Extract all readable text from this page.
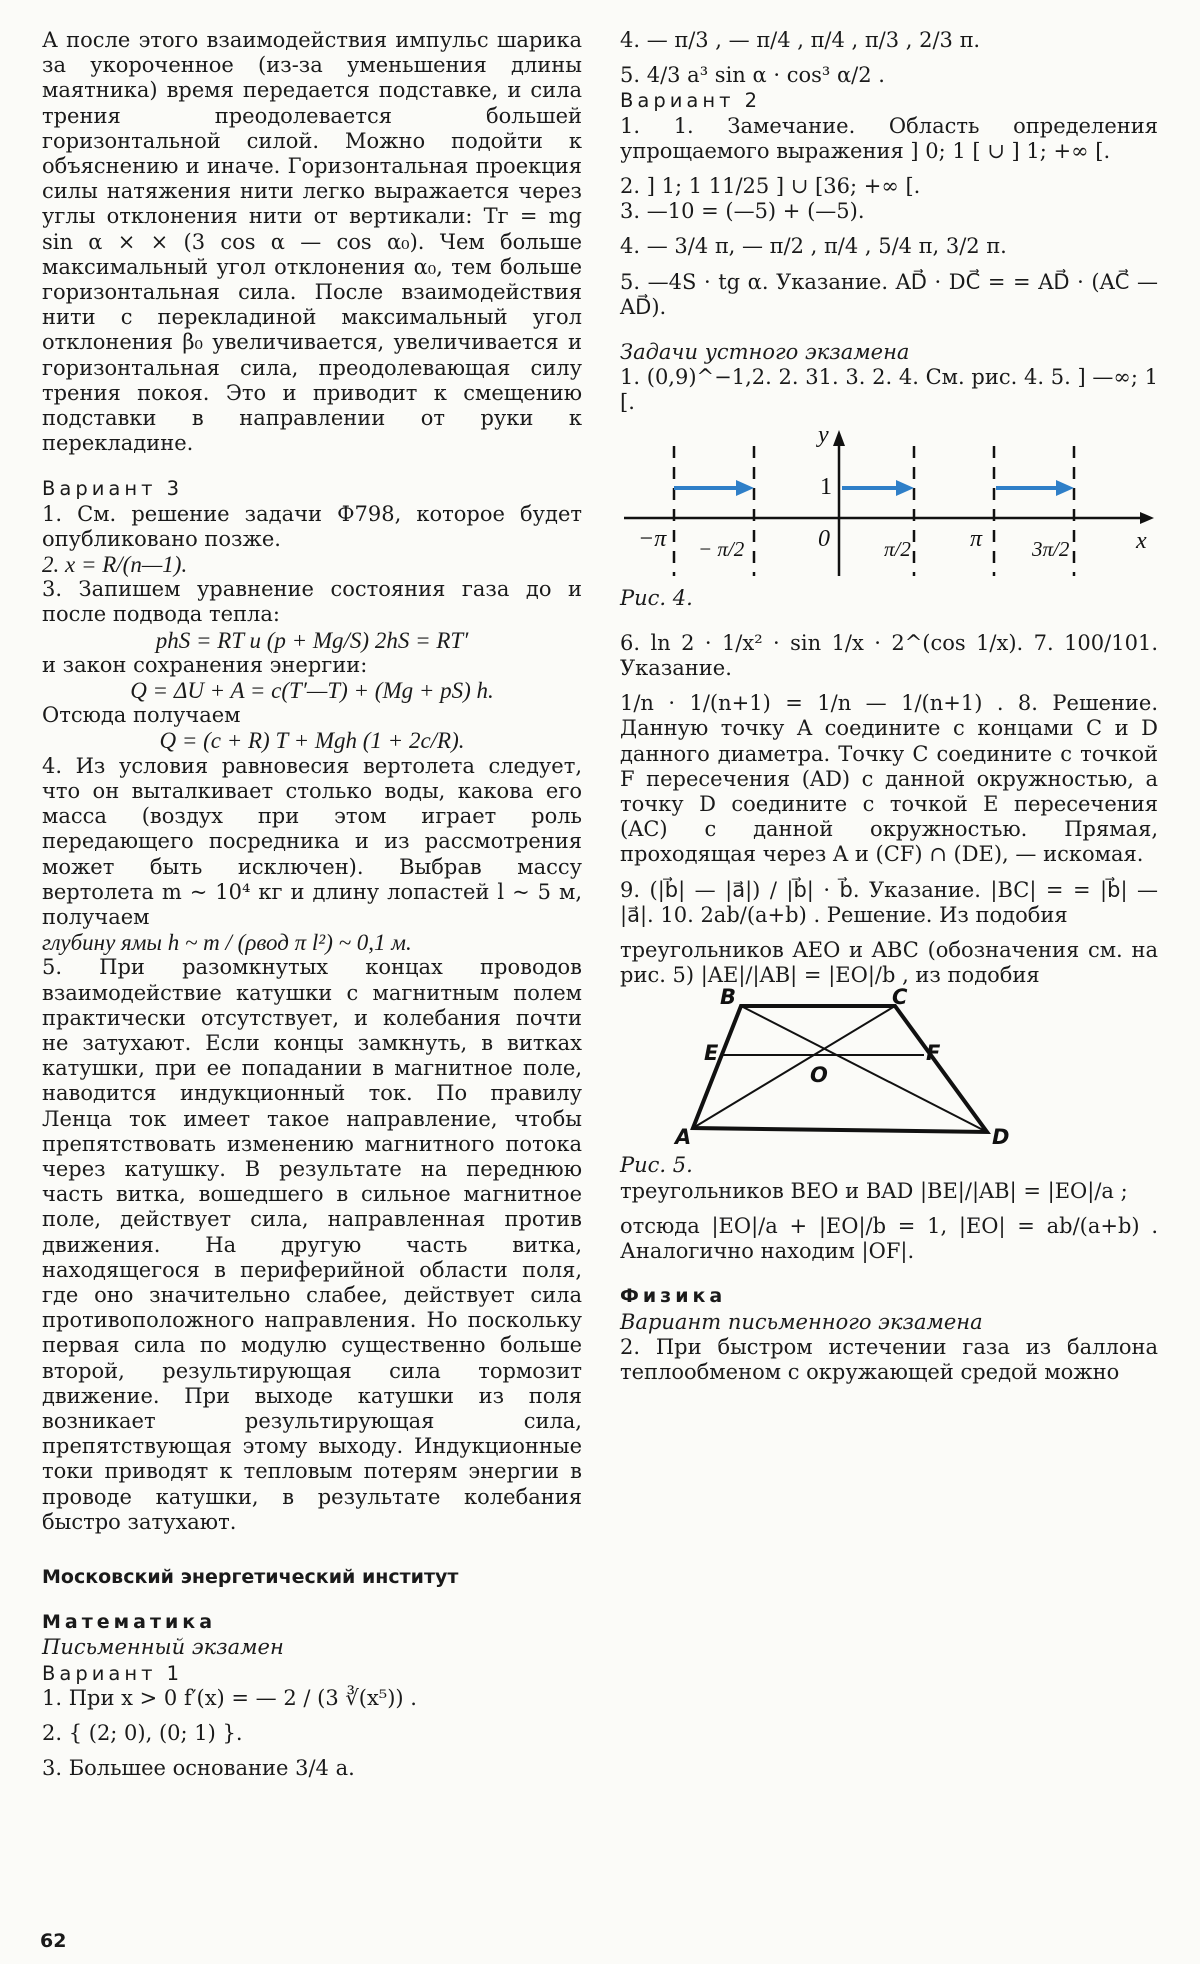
А после этого взаимодействия импульс шарика за укороченное (из-за уменьшения длины маятника) время передается подставке, и сила трения преодолевается большей горизонтальной силой. Можно подойти к объяснению и иначе. Горизонтальная проекция силы натяжения нити легко выражается через углы отклонения нити от вертикали: Tг = mg sin α × × (3 cos α — cos α₀). Чем больше максимальный угол отклонения α₀, тем больше горизонтальная сила. После взаимодействия нити с перекладиной максимальный угол отклонения β₀ увеличивается, увеличивается и горизонтальная сила, преодолевающая силу трения покоя. Это и приводит к смещению подставки в направлении от руки к перекладине.

Вариант 3

1. См. решение задачи Ф798, которое будет опубликовано позже.

2. x = R/(n—1).

3. Запишем уравнение состояния газа до и после подвода тепла:

phS = RT и (p + Mg/S) 2hS = RT′

и закон сохранения энергии:

Q = ΔU + A = c(T′—T) + (Mg + pS) h.

Отсюда получаем

Q = (c + R) T + Mgh (1 + 2c/R).

4. Из условия равновесия вертолета следует, что он выталкивает столько воды, какова его масса (воздух при этом играет роль передающего посредника и из рассмотрения может быть исключен). Выбрав массу вертолета m ~ 10⁴ кг и длину лопастей l ~ 5 м, получаем

глубину ямы h ~ m / (ρвод π l²) ~ 0,1 м.

5. При разомкнутых концах проводов взаимодействие катушки с магнитным полем практически отсутствует, и колебания почти не затухают. Если концы замкнуть, в витках катушки, при ее попадании в магнитное поле, наводится индукционный ток. По правилу Ленца ток имеет такое направление, чтобы препятствовать изменению магнитного потока через катушку. В результате на переднюю часть витка, вошедшего в сильное магнитное поле, действует сила, направленная против движения. На другую часть витка, находящегося в периферийной области поля, где оно значительно слабее, действует сила противоположного направления. Но поскольку первая сила по модулю существенно больше второй, результирующая сила тормозит движение. При выходе катушки из поля возникает результирующая сила, препятствующая этому выходу. Индукционные токи приводят к тепловым потерям энергии в проводе катушки, в результате колебания быстро затухают.

Московский энергетический институт

Математика

Письменный экзамен

Вариант 1

1. При x > 0 f′(x) = — 2 / (3 ∛(x⁵)) .

2. { (2; 0), (0; 1) }.

3. Большее основание 3/4 a.

4. — π/3 , — π/4 , π/4 , π/3 , 2/3 π.

5. 4/3 a³ sin α · cos³ α/2 .

Вариант 2

1. 1. Замечание. Область определения упрощаемого выражения ] 0; 1 [ ∪ ] 1; +∞ [.

2. ] 1; 1 11/25 ] ∪ [36; +∞ [.

3. —10 = (—5) + (—5).

4. — 3/4 π, — π/2 , π/4 , 5/4 π, 3/2 π.

5. —4S · tg α. Указание. AD⃗ · DC⃗ = = AD⃗ · (AC⃗ — AD⃗).

Задачи устного экзамена

1. (0,9)^−1,2. 2. 31. 3. 2. 4. См. рис. 4. 5. ] —∞; 1 [.

y
x
1
0
−π − π/2	π/2 π 3π/2

Рис. 4.

6. ln 2 · 1/x² · sin 1/x · 2^(cos 1/x). 7. 100/101. Указание.

1/n · 1/(n+1) = 1/n — 1/(n+1) . 8. Решение. Данную точку A соедините с концами C и D данного диаметра. Точку C соедините с точкой F пересечения (AD) с данной окружностью, а точку D соедините с точкой E пересечения (AC) с данной окружностью. Прямая, проходящая через A и (CF) ∩ (DE), — искомая.

9. (|b⃗| — |a⃗|) / |b⃗| · b⃗. Указание. |BC| = = |b⃗| — |a⃗|. 10. 2ab/(a+b) . Решение. Из подобия

треугольников AEO и ABC (обозначения см. на рис. 5) |AE|/|AB| = |EO|/b , из подобия

A
B	C
D
E	F
O

Рис. 5.

треугольников BEO и BAD |BE|/|AB| = |EO|/a ;

отсюда |EO|/a + |EO|/b = 1, |EO| = ab/(a+b) . Аналогично находим |OF|.

Физика

Вариант письменного экзамена

2. При быстром истечении газа из баллона теплообменом с окружающей средой можно

62
